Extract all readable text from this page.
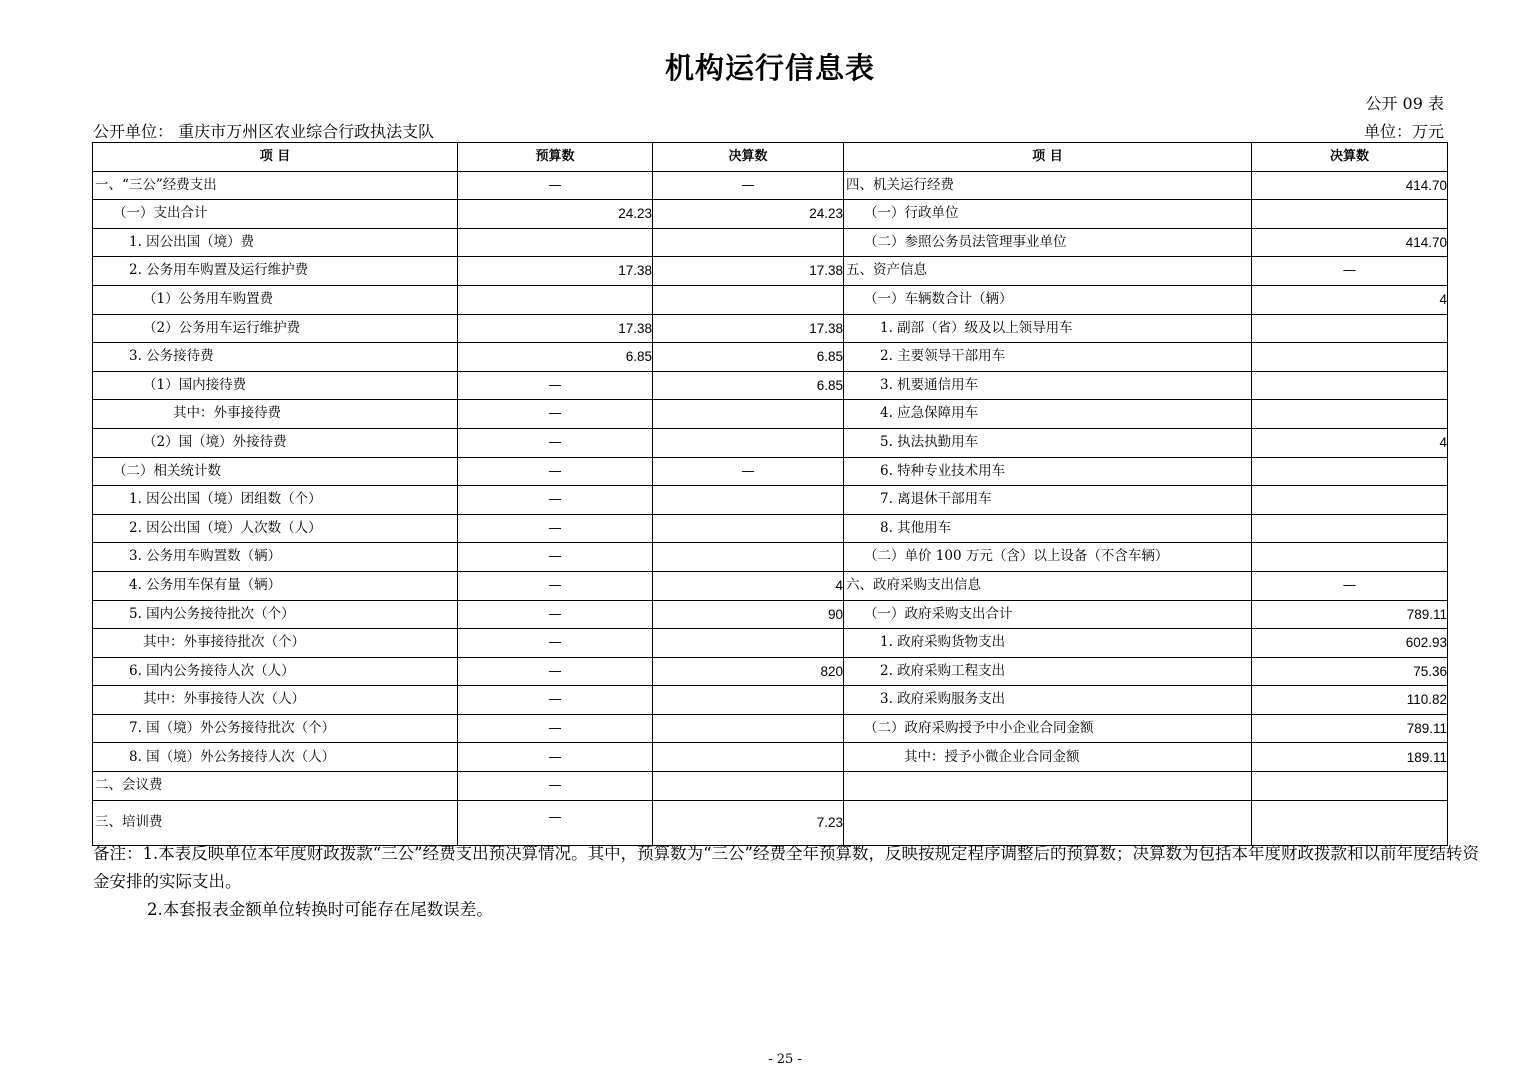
机构运行信息表
公开 09 表
公开单位： 重庆市万州区农业综合行政执法支队	单位：万元
项 目	预算数	决算数	项 目	决算数
一、“三公”经费支出	—	—	四、机关运行经费	414.70
（一）支出合计	24.23	24.23	（一）行政单位	
1. 因公出国（境）费			（二）参照公务员法管理事业单位	414.70
2. 公务用车购置及运行维护费	17.38	17.38	五、资产信息	—
（1）公务用车购置费			（一）车辆数合计（辆）	4
（2）公务用车运行维护费	17.38	17.38	1. 副部（省）级及以上领导用车	
3. 公务接待费	6.85	6.85	2. 主要领导干部用车	
（1）国内接待费	—	6.85	3. 机要通信用车	
其中：外事接待费	—		4. 应急保障用车	
（2）国（境）外接待费	—		5. 执法执勤用车	4
（二）相关统计数	—	—	6. 特种专业技术用车	
1. 因公出国（境）团组数（个）	—		7. 离退休干部用车	
2. 因公出国（境）人次数（人）	—		8. 其他用车	
3. 公务用车购置数（辆）	—		（二）单价 100 万元（含）以上设备（不含车辆）	
4. 公务用车保有量（辆）	—	4	六、政府采购支出信息	—
5. 国内公务接待批次（个）	—	90	（一）政府采购支出合计	789.11
其中：外事接待批次（个）	—		1. 政府采购货物支出	602.93
6. 国内公务接待人次（人）	—	820	2. 政府采购工程支出	75.36
其中：外事接待人次（人）	—		3. 政府采购服务支出	110.82
7. 国（境）外公务接待批次（个）	—		（二）政府采购授予中小企业合同金额	789.11
8. 国（境）外公务接待人次（人）	—		其中：授予小微企业合同金额	189.11
二、会议费	—			
三、培训费	—	7.23		
备注：1.本表反映单位本年度财政拨款“三公”经费支出预决算情况。其中，预算数为“三公”经费全年预算数，反映按规定程序调整后的预算数；决算数为包括本年度财政拨款和以前年度结转资金安排的实际支出。
2.本套报表金额单位转换时可能存在尾数误差。
- 25 -
